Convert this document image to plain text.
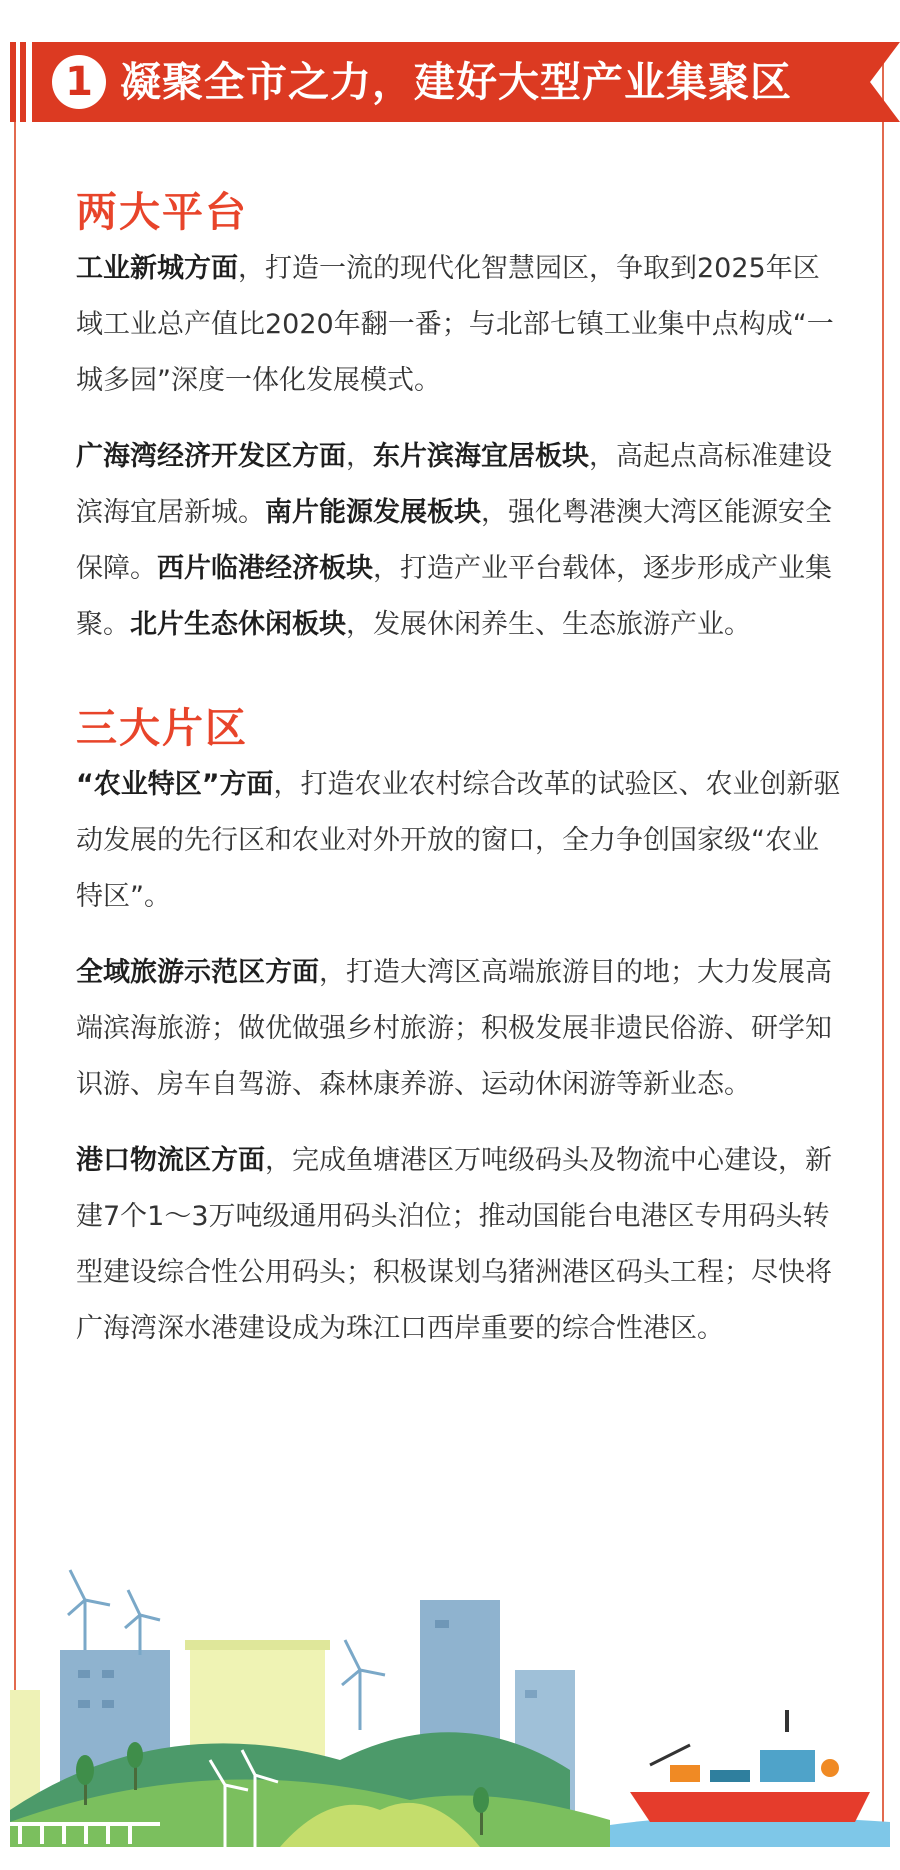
1 凝聚全市之力，建好大型产业集聚区
两大平台

工业新城方面，打造一流的现代化智慧园区，争取到2025年区域工业总产值比2020年翻一番；与北部七镇工业集中点构成“一城多园”深度一体化发展模式。

广海湾经济开发区方面，东片滨海宜居板块，高起点高标准建设滨海宜居新城。南片能源发展板块，强化粤港澳大湾区能源安全保障。西片临港经济板块，打造产业平台载体，逐步形成产业集聚。北片生态休闲板块，发展休闲养生、生态旅游产业。

三大片区

“农业特区”方面，打造农业农村综合改革的试验区、农业创新驱动发展的先行区和农业对外开放的窗口，全力争创国家级“农业特区”。

全域旅游示范区方面，打造大湾区高端旅游目的地；大力发展高端滨海旅游；做优做强乡村旅游；积极发展非遗民俗游、研学知识游、房车自驾游、森林康养游、运动休闲游等新业态。

港口物流区方面，完成鱼塘港区万吨级码头及物流中心建设，新建7个1～3万吨级通用码头泊位；推动国能台电港区专用码头转型建设综合性公用码头；积极谋划乌猪洲港区码头工程；尽快将广海湾深水港建设成为珠江口西岸重要的综合性港区。
